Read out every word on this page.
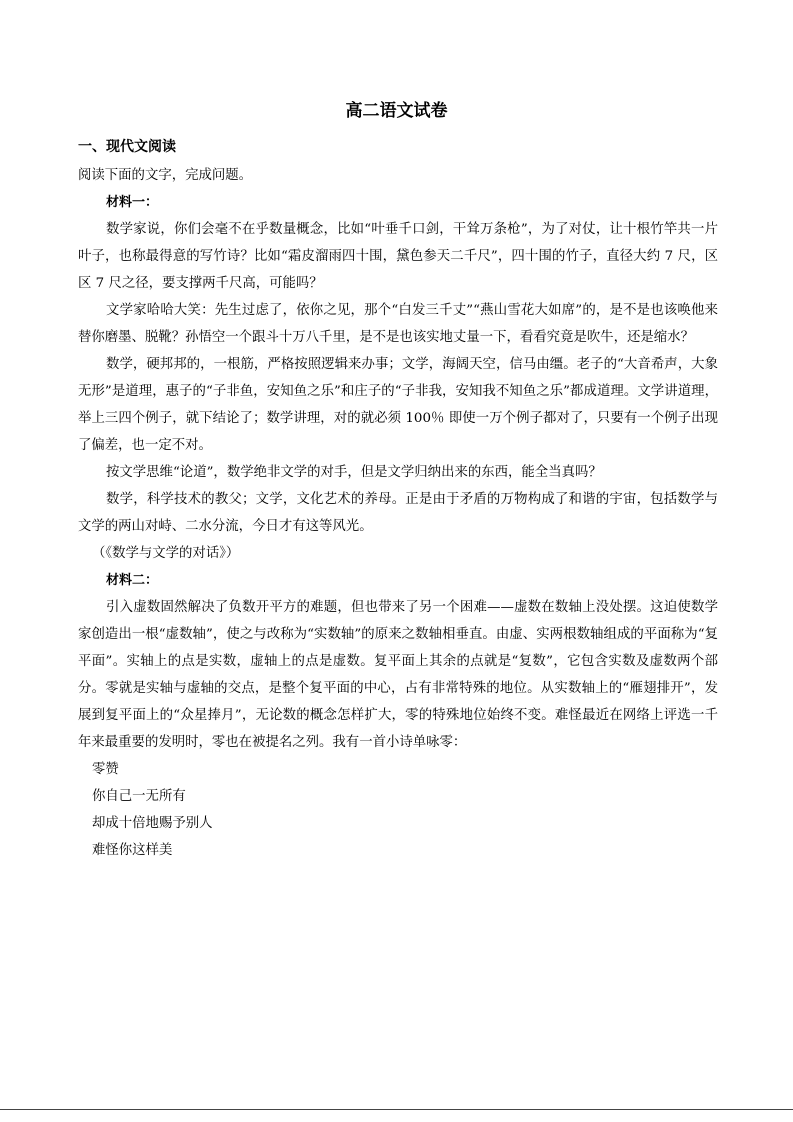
高二语文试卷
一、现代文阅读

阅读下面的文字，完成问题。

材料一：

数学家说，你们会毫不在乎数量概念，比如“叶垂千口剑，干耸万条枪”，为了对仗，让十根竹竿共一片叶子，也称最得意的写竹诗？比如“霜皮溜雨四十围，黛色参天二千尺”，四十围的竹子，直径大约 7 尺，区区 7 尺之径，要支撑两千尺高，可能吗？

文学家哈哈大笑：先生过虑了，依你之见，那个“白发三千丈”“燕山雪花大如席”的，是不是也该唤他来替你磨墨、脱靴？孙悟空一个跟斗十万八千里，是不是也该实地丈量一下，看看究竟是吹牛，还是缩水？

数学，硬邦邦的，一根筋，严格按照逻辑来办事；文学，海阔天空，信马由缰。老子的“大音希声，大象无形”是道理，惠子的“子非鱼，安知鱼之乐”和庄子的“子非我，安知我不知鱼之乐”都成道理。文学讲道理，举上三四个例子，就下结论了；数学讲理，对的就必须 100％ 即使一万个例子都对了，只要有一个例子出现了偏差，也一定不对。

按文学思维“论道”，数学绝非文学的对手，但是文学归纳出来的东西，能全当真吗？

数学，科学技术的教父；文学，文化艺术的养母。正是由于矛盾的万物构成了和谐的宇宙，包括数学与文学的两山对峙、二水分流，今日才有这等风光。

（《数学与文学的对话》）

材料二：

引入虚数固然解决了负数开平方的难题，但也带来了另一个困难——虚数在数轴上没处摆。这迫使数学家创造出一根“虚数轴”，使之与改称为“实数轴”的原来之数轴相垂直。由虚、实两根数轴组成的平面称为“复平面”。实轴上的点是实数，虚轴上的点是虚数。复平面上其余的点就是“复数”，它包含实数及虚数两个部分。零就是实轴与虚轴的交点，是整个复平面的中心，占有非常特殊的地位。从实数轴上的“雁翅排开”，发展到复平面上的“众星捧月”，无论数的概念怎样扩大，零的特殊地位始终不变。难怪最近在网络上评选一千年来最重要的发明时，零也在被提名之列。我有一首小诗单咏零：

零赞

你自己一无所有

却成十倍地赐予别人

难怪你这样美
